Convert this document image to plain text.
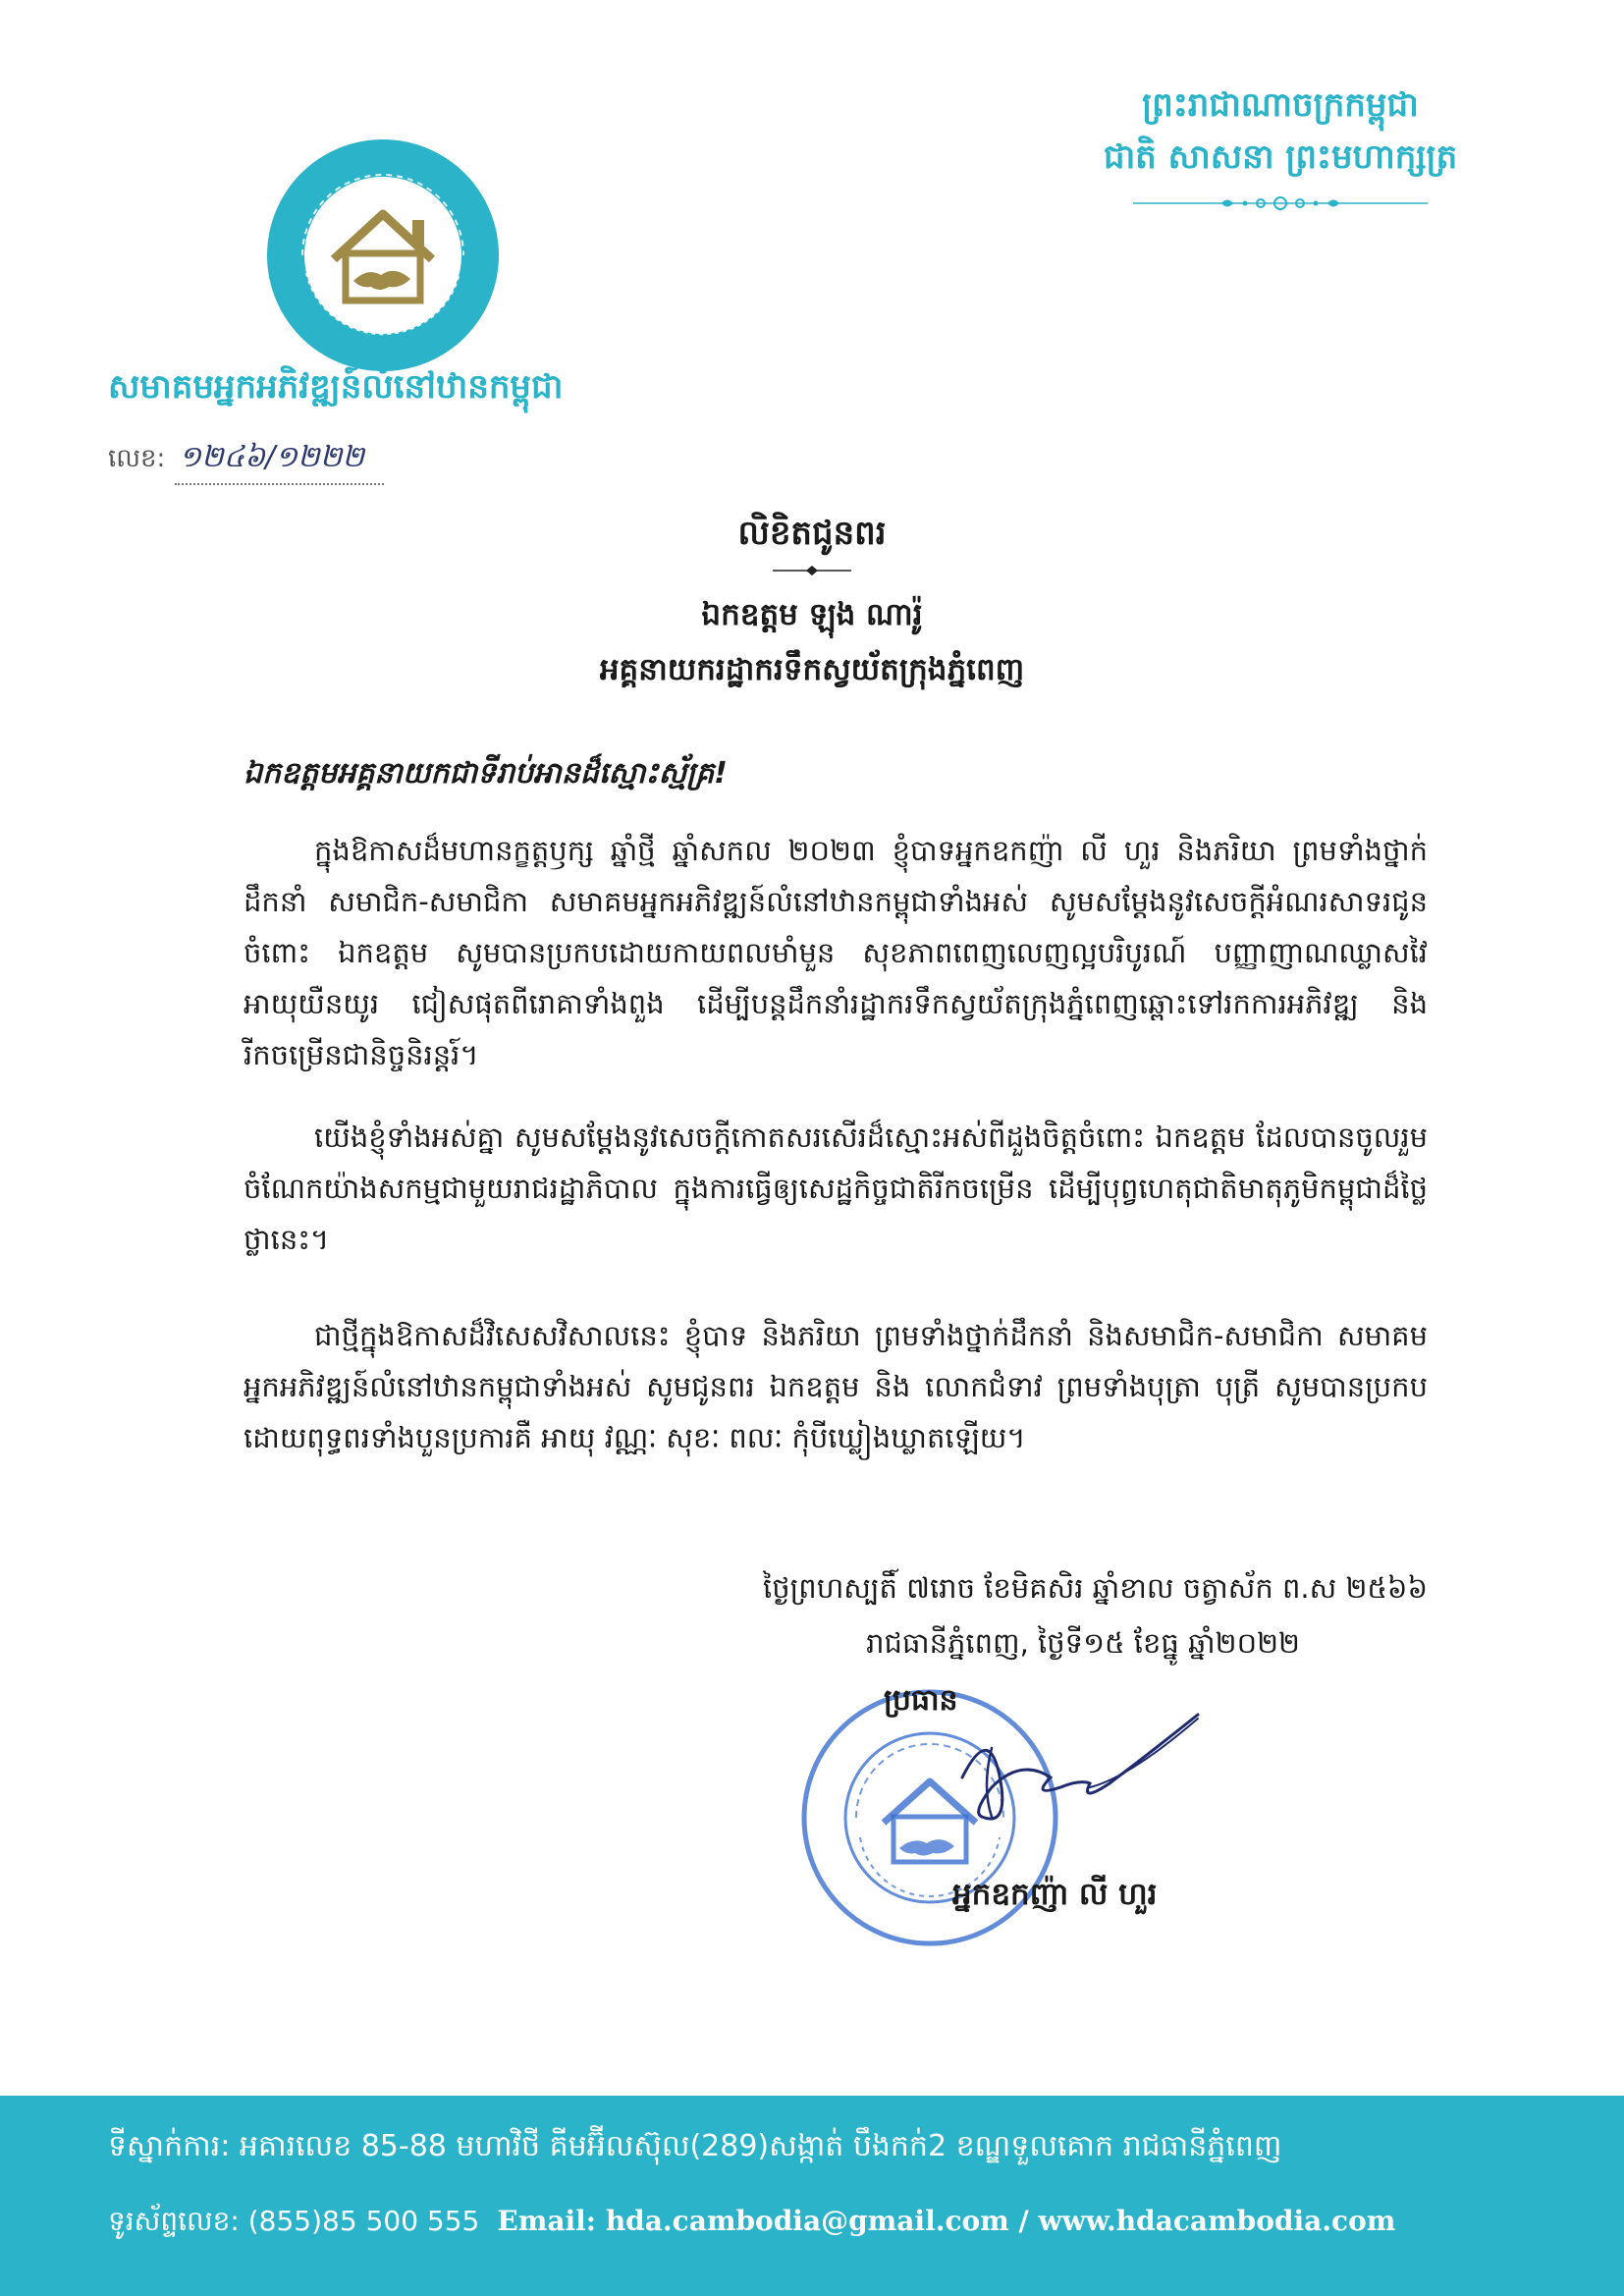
ព្រះរាជាណាចក្រកម្ពុជា
ជាតិ សាសនា ព្រះមហាក្សត្រ
សមាគមអ្នកអភិវឌ្ឍន៍លំនៅឋានកម្ពុជា
លេខ: ១២៤៦/១២២២
លិខិតជូនពរ
ឯកឧត្តម ឡុង ណារ៉ូ
អគ្គនាយករដ្ឋាករទឹកស្វយ័តក្រុងភ្នំពេញ
ឯកឧត្តមអគ្គនាយកជាទីរាប់អានដ៏ស្មោះស្ម័គ្រ!

ក្នុងឱកាសដ៏មហានក្ខត្តឫក្ស ឆ្នាំថ្មី ឆ្នាំសកល ២០២៣ ខ្ញុំបាទអ្នកឧកញ៉ា លី ហួរ និងភរិយា ព្រមទាំងថ្នាក់ដឹកនាំ សមាជិក-សមាជិកា សមាគមអ្នកអភិវឌ្ឍន៍លំនៅឋានកម្ពុជាទាំងអស់ សូមសម្តែងនូវសេចក្តីអំណរសាទរជូនចំពោះ ឯកឧត្តម សូមបានប្រកបដោយកាយពលមាំមួន សុខភាពពេញលេញល្អបរិបូរណ៍ បញ្ញាញាណឈ្លាសវៃ អាយុយឺនយូរ ជៀសផុតពីរោគាទាំងពួង ដើម្បីបន្តដឹកនាំរដ្ឋាករទឹកស្វយ័តក្រុងភ្នំពេញឆ្ពោះទៅរកការអភិវឌ្ឍ និងរីកចម្រើនជានិច្ចនិរន្តរ៍។

យើងខ្ញុំទាំងអស់គ្នា សូមសម្តែងនូវសេចក្តីកោតសរសើរដ៏ស្មោះអស់ពីដួងចិត្តចំពោះ ឯកឧត្តម ដែលបានចូលរួមចំណែកយ៉ាងសកម្មជាមួយរាជរដ្ឋាភិបាល ក្នុងការធ្វើឲ្យសេដ្ឋកិច្ចជាតិរីកចម្រើន ដើម្បីបុព្វហេតុជាតិមាតុភូមិកម្ពុជាដ៏ថ្លៃថ្លានេះ។

ជាថ្មីក្នុងឱកាសដ៏វិសេសវិសាលនេះ ខ្ញុំបាទ និងភរិយា ព្រមទាំងថ្នាក់ដឹកនាំ និងសមាជិក-សមាជិកា សមាគមអ្នកអភិវឌ្ឍន៍លំនៅឋានកម្ពុជាទាំងអស់ សូមជូនពរ ឯកឧត្តម និង លោកជំទាវ ព្រមទាំងបុត្រា បុត្រី សូមបានប្រកបដោយពុទ្ធពរទាំងបួនប្រការគឺ អាយុ វណ្ណៈ សុខៈ ពលៈ កុំបីឃ្លៀងឃ្លាតឡើយ។

ថ្ងៃព្រហស្បតិ៍ ៧រោច ខែមិគសិរ ឆ្នាំខាល ចត្វាស័ក ព.ស ២៥៦៦
រាជធានីភ្នំពេញ, ថ្ងៃទី១៥ ខែធ្នូ ឆ្នាំ២០២២
ប្រធាន
អ្នកឧកញ៉ា លី ហួរ
ទីស្នាក់ការ: អគារលេខ 85-88 មហាវិថី គីមអ៊ីលស៊ុល(289)សង្កាត់ បឹងកក់2 ខណ្ឌទួលគោក រាជធានីភ្នំពេញ
ទូរស័ព្ទលេខ: (855)85 500 555 Email: hda.cambodia@gmail.com / www.hdacambodia.com
